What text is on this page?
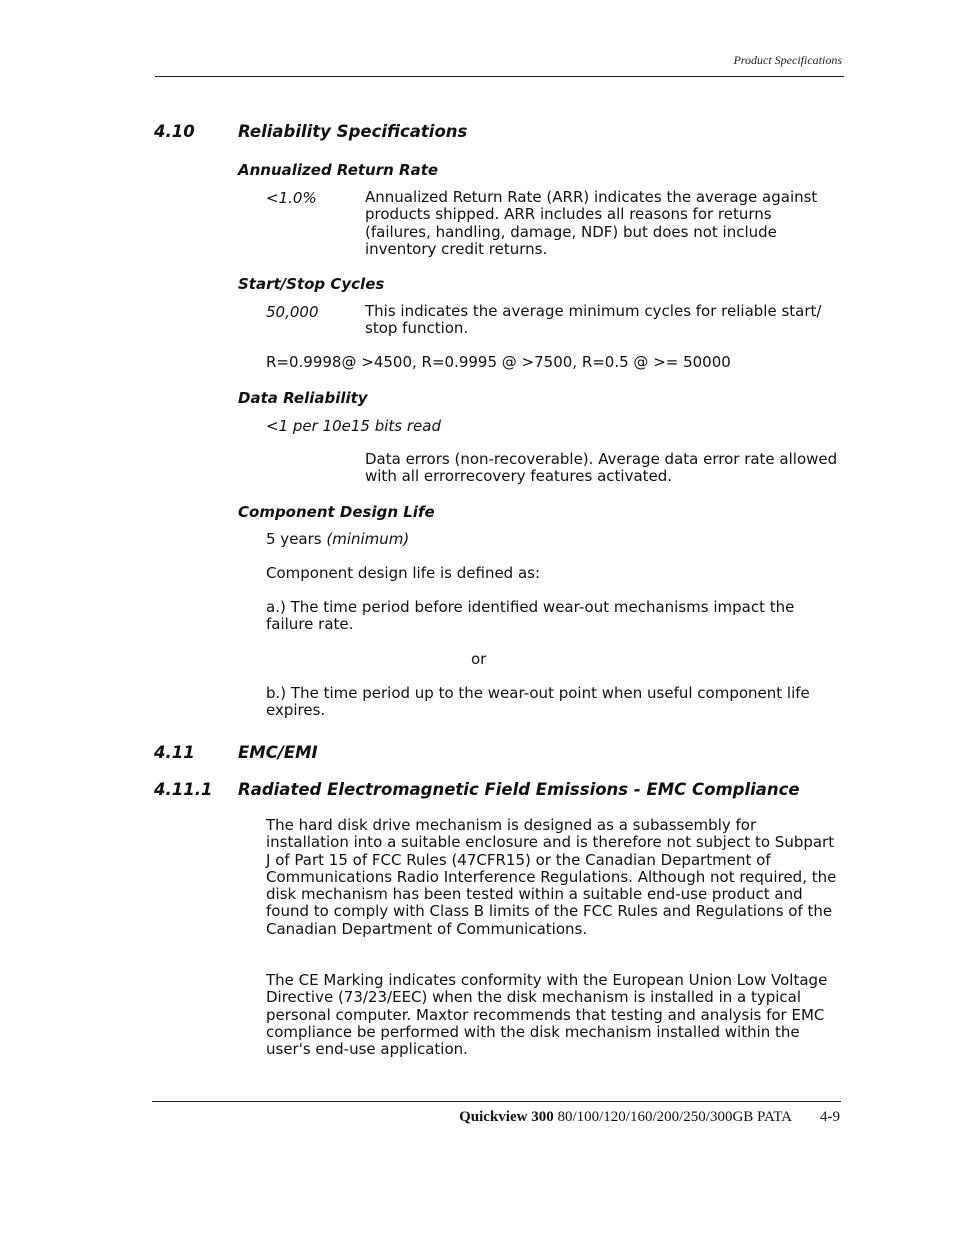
Product Specifications
4.10	Reliability Specifications
Annualized Return Rate
<1.0%	Annualized Return Rate (ARR) indicates the average against products shipped. ARR includes all reasons for returns (failures, handling, damage, NDF) but does not include inventory credit returns.

Start/Stop Cycles
50,000	This indicates the average minimum cycles for reliable start/ stop function.

R=0.9998@ >4500, R=0.9995 @ >7500, R=0.5 @ >= 50000

Data Reliability
<1 per 10e15 bits read

Data errors (non-recoverable). Average data error rate allowed with all errorrecovery features activated.

Component Design Life

5 years (minimum)

Component design life is defined as:

a.) The time period before identified wear-out mechanisms impact the failure rate.

or

b.) The time period up to the wear-out point when useful component life expires.

4.11	EMC/EMI
4.11.1 Radiated Electromagnetic Field Emissions - EMC Compliance

The hard disk drive mechanism is designed as a subassembly for installation into a suitable enclosure and is therefore not subject to Subpart J of Part 15 of FCC Rules (47CFR15) or the Canadian Department of Communications Radio Interference Regulations. Although not required, the disk mechanism has been tested within a suitable end-use product and found to comply with Class B limits of the FCC Rules and Regulations of the Canadian Department of Communications.

The CE Marking indicates conformity with the European Union Low Voltage Directive (73/23/EEC) when the disk mechanism is installed in a typical personal computer. Maxtor recommends that testing and analysis for EMC compliance be performed with the disk mechanism installed within the user's end-use application.

Quickview 300 80/100/120/160/200/250/300GB PATA 4-9
